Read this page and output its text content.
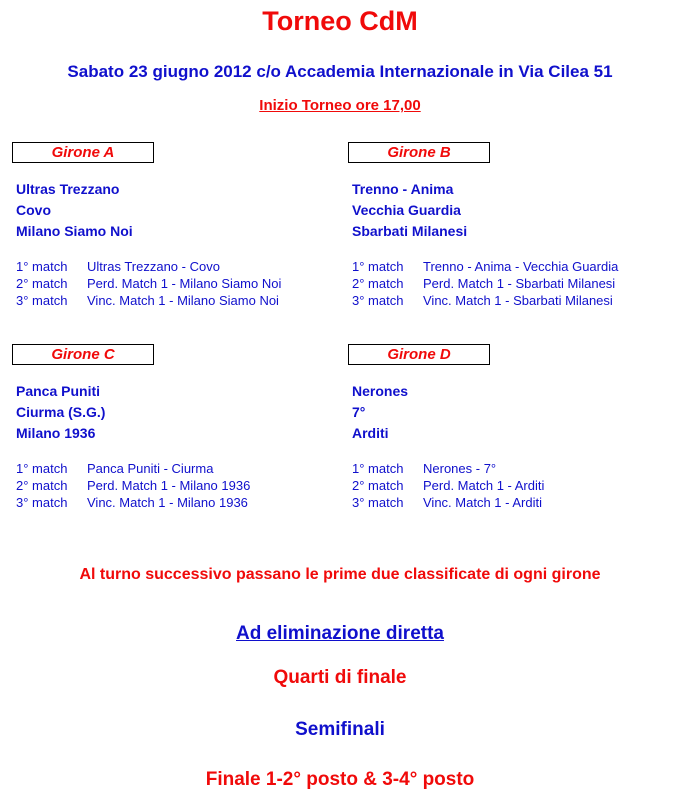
Torneo CdM
Sabato 23 giugno 2012 c/o Accademia Internazionale in Via Cilea 51
Inizio Torneo ore 17,00
Girone A
Ultras Trezzano
Covo
Milano Siamo Noi
1° match Ultras Trezzano - Covo
2° match Perd. Match 1 - Milano Siamo Noi
3° match Vinc. Match 1 - Milano Siamo Noi
Girone B
Trenno - Anima
Vecchia Guardia
Sbarbati Milanesi
1° match Trenno - Anima - Vecchia Guardia
2° match Perd. Match 1 - Sbarbati Milanesi
3° match Vinc. Match 1 - Sbarbati Milanesi
Girone C
Panca Puniti
Ciurma (S.G.)
Milano 1936
1° match Panca Puniti - Ciurma
2° match Perd. Match 1 - Milano 1936
3° match Vinc. Match 1 - Milano 1936
Girone D
Nerones
7°
Arditi
1° match Nerones - 7°
2° match Perd. Match 1 - Arditi
3° match Vinc. Match 1 - Arditi
Al turno successivo passano le prime due classificate di ogni girone
Ad eliminazione diretta
Quarti di finale
Semifinali
Finale 1-2° posto & 3-4° posto
